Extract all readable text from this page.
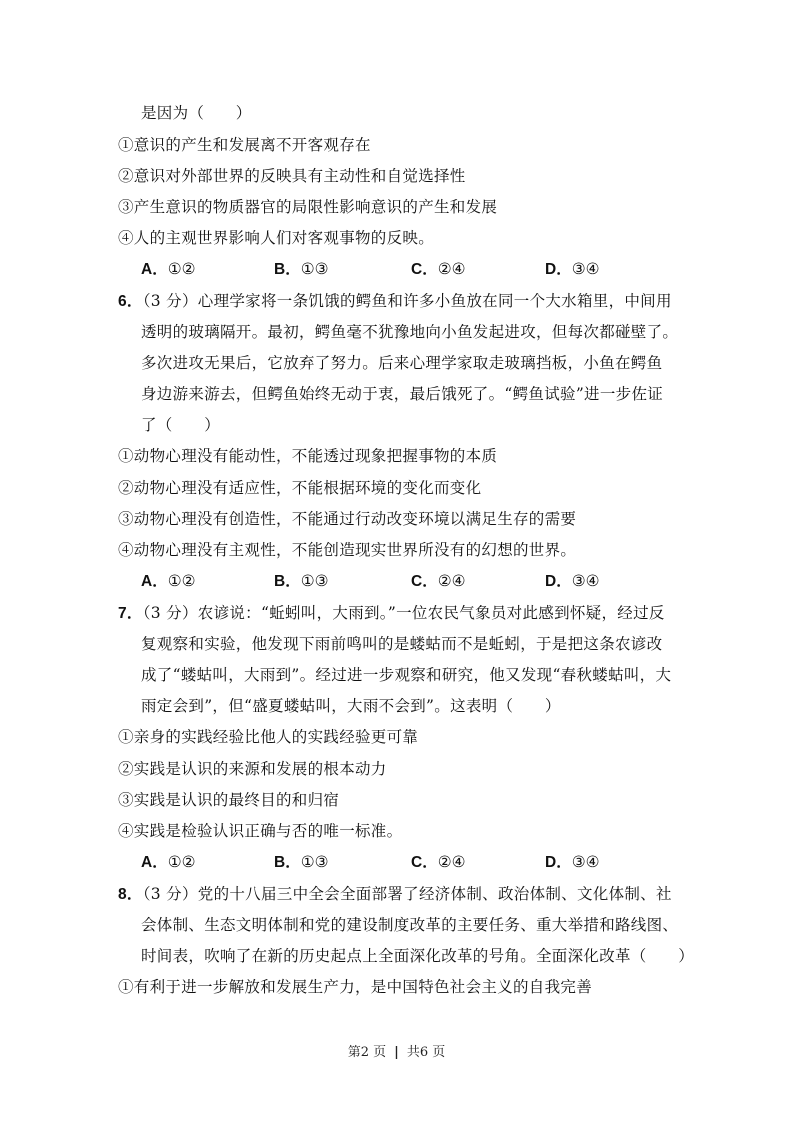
是因为（　　）
①意识的产生和发展离不开客观存在
②意识对外部世界的反映具有主动性和自觉选择性
③产生意识的物质器官的局限性影响意识的产生和发展
④人的主观世界影响人们对客观事物的反映。
A．①②	B．①③	C．②④	D．③④
6．（3 分）心理学家将一条饥饿的鳄鱼和许多小鱼放在同一个大水箱里，中间用
透明的玻璃隔开。最初，鳄鱼毫不犹豫地向小鱼发起进攻，但每次都碰壁了。
多次进攻无果后，它放弃了努力。后来心理学家取走玻璃挡板，小鱼在鳄鱼
身边游来游去，但鳄鱼始终无动于衷，最后饿死了。“鳄鱼试验”进一步佐证
了（　　）
①动物心理没有能动性，不能透过现象把握事物的本质
②动物心理没有适应性，不能根据环境的变化而变化
③动物心理没有创造性，不能通过行动改变环境以满足生存的需要
④动物心理没有主观性，不能创造现实世界所没有的幻想的世界。
A．①②	B．①③	C．②④	D．③④
7．（3 分）农谚说：“蚯蚓叫，大雨到。”一位农民气象员对此感到怀疑，经过反
复观察和实验，他发现下雨前鸣叫的是蝼蛄而不是蚯蚓，于是把这条农谚改
成了“蝼蛄叫，大雨到”。经过进一步观察和研究，他又发现“春秋蝼蛄叫，大
雨定会到”，但“盛夏蝼蛄叫，大雨不会到”。这表明（　　）
①亲身的实践经验比他人的实践经验更可靠
②实践是认识的来源和发展的根本动力
③实践是认识的最终目的和归宿
④实践是检验认识正确与否的唯一标准。
A．①②	B．①③	C．②④	D．③④
8．（3 分）党的十八届三中全会全面部署了经济体制、政治体制、文化体制、社
会体制、生态文明体制和党的建设制度改革的主要任务、重大举措和路线图、
时间表，吹响了在新的历史起点上全面深化改革的号角。全面深化改革（　　）
①有利于进一步解放和发展生产力，是中国特色社会主义的自我完善
第2 页 | 共6 页
